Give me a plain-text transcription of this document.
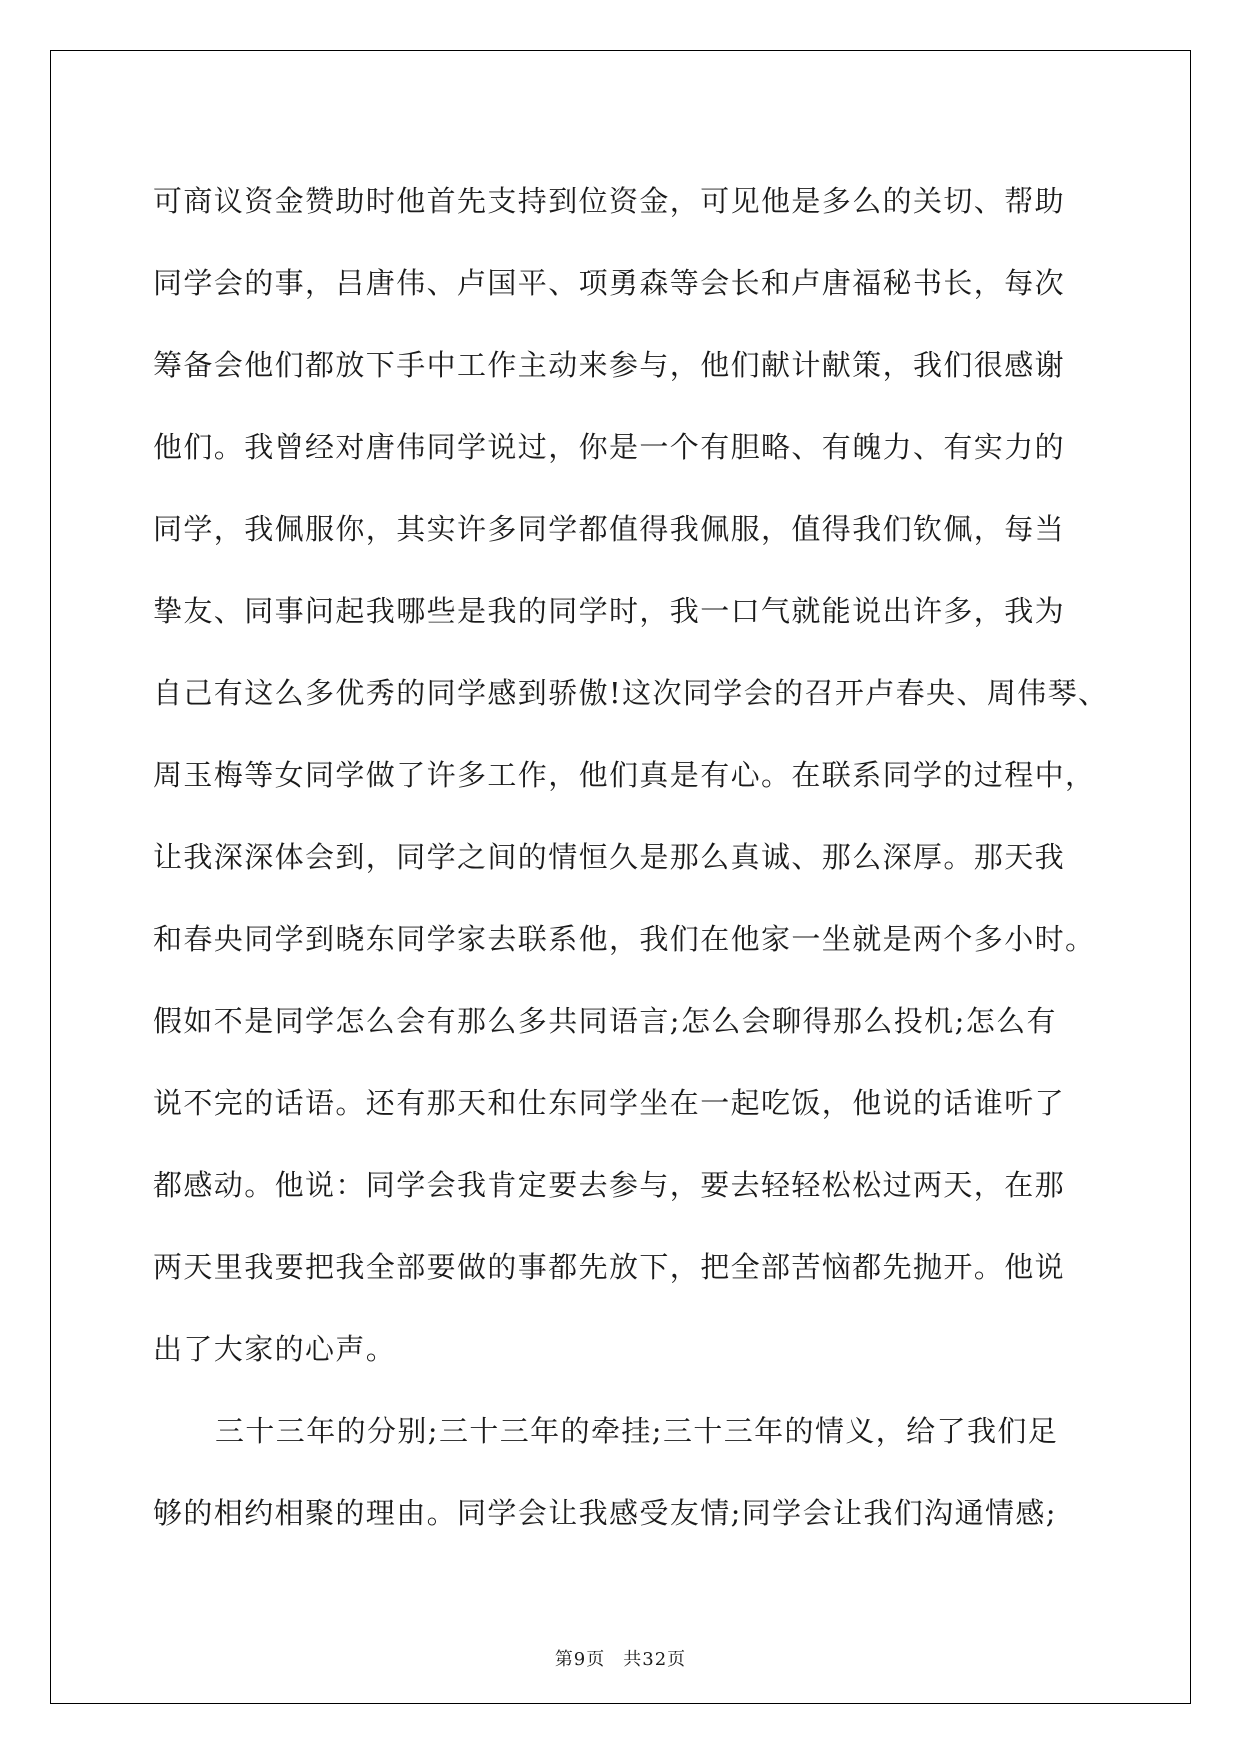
可商议资金赞助时他首先支持到位资金，可见他是多么的关切、帮助
同学会的事，吕唐伟、卢国平、项勇森等会长和卢唐福秘书长，每次
筹备会他们都放下手中工作主动来参与，他们献计献策，我们很感谢
他们。我曾经对唐伟同学说过，你是一个有胆略、有魄力、有实力的
同学，我佩服你，其实许多同学都值得我佩服，值得我们钦佩，每当
挚友、同事问起我哪些是我的同学时，我一口气就能说出许多，我为
自己有这么多优秀的同学感到骄傲!这次同学会的召开卢春央、周伟琴、
周玉梅等女同学做了许多工作，他们真是有心。在联系同学的过程中，
让我深深体会到，同学之间的情恒久是那么真诚、那么深厚。那天我
和春央同学到晓东同学家去联系他，我们在他家一坐就是两个多小时。
假如不是同学怎么会有那么多共同语言;怎么会聊得那么投机;怎么有
说不完的话语。还有那天和仕东同学坐在一起吃饭，他说的话谁听了
都感动。他说：同学会我肯定要去参与，要去轻轻松松过两天，在那
两天里我要把我全部要做的事都先放下，把全部苦恼都先抛开。他说
出了大家的心声。
三十三年的分别;三十三年的牵挂;三十三年的情义，给了我们足
够的相约相聚的理由。同学会让我感受友情;同学会让我们沟通情感;
第9页 共32页
